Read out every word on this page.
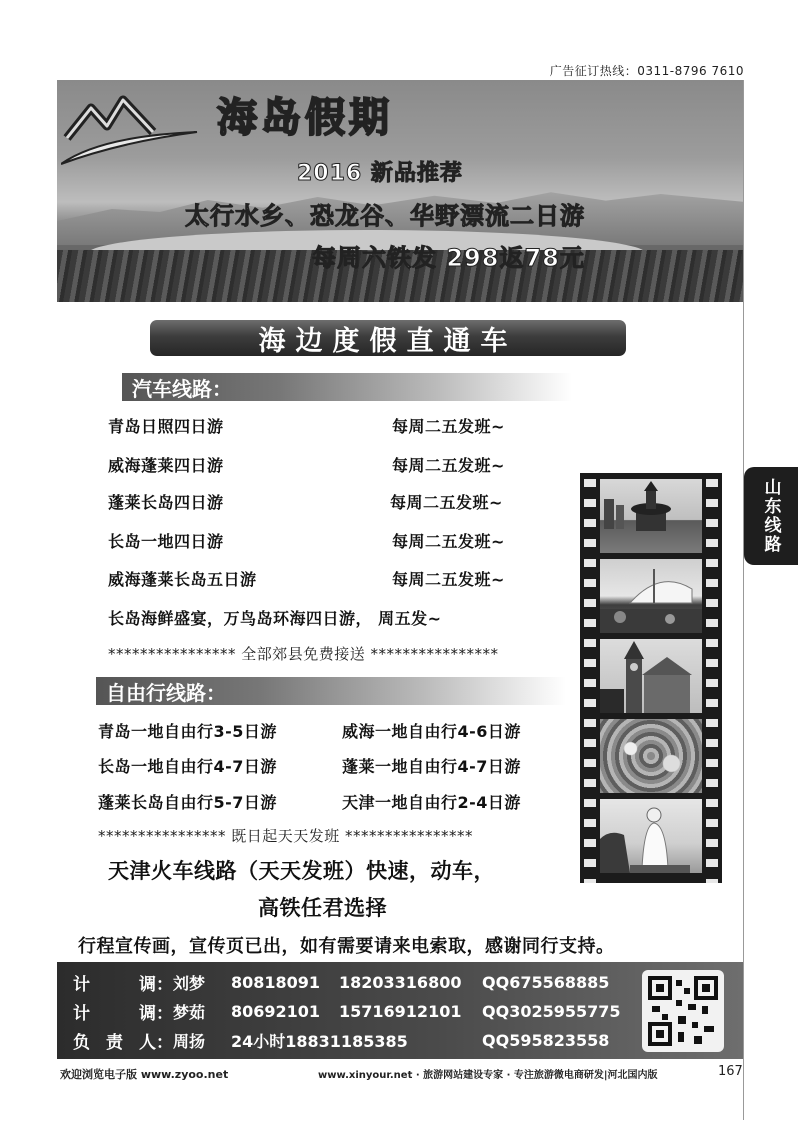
广告征订热线：0311-8796 7610
海岛假期
2016 新品推荐
太行水乡、恐龙谷、华野漂流二日游
每周六铁发 298返78元
海边度假直通车
汽车线路：
青岛日照四日游	每周二五发班~
威海蓬莱四日游	每周二五发班~
蓬莱长岛四日游	每周二五发班~
长岛一地四日游	每周二五发班~
威海蓬莱长岛五日游	每周二五发班~
长岛海鲜盛宴，万鸟岛环海四日游， 周五发~
**************** 全部郊县免费接送 ****************
自由行线路：
青岛一地自由行3-5日游	威海一地自由行4-6日游
长岛一地自由行4-7日游	蓬莱一地自由行4-7日游
蓬莱长岛自由行5-7日游	天津一地自由行2-4日游
**************** 既日起天天发班 ****************
山东线路
天津火车线路（天天发班）快速，动车，
高铁任君选择
行程宣传画，宣传页已出，如有需要请来电索取，感谢同行支持。
计	调： 刘梦	80818091	18203316800	QQ675568885
计	调： 梦茹	80692101	15716912101	QQ3025955775
负 责 人： 周扬	24小时18831185385	QQ595823558
欢迎浏览电子版 www.zyoo.net	www.xinyour.net · 旅游网站建设专家 · 专注旅游微电商研发|河北国内版	167
